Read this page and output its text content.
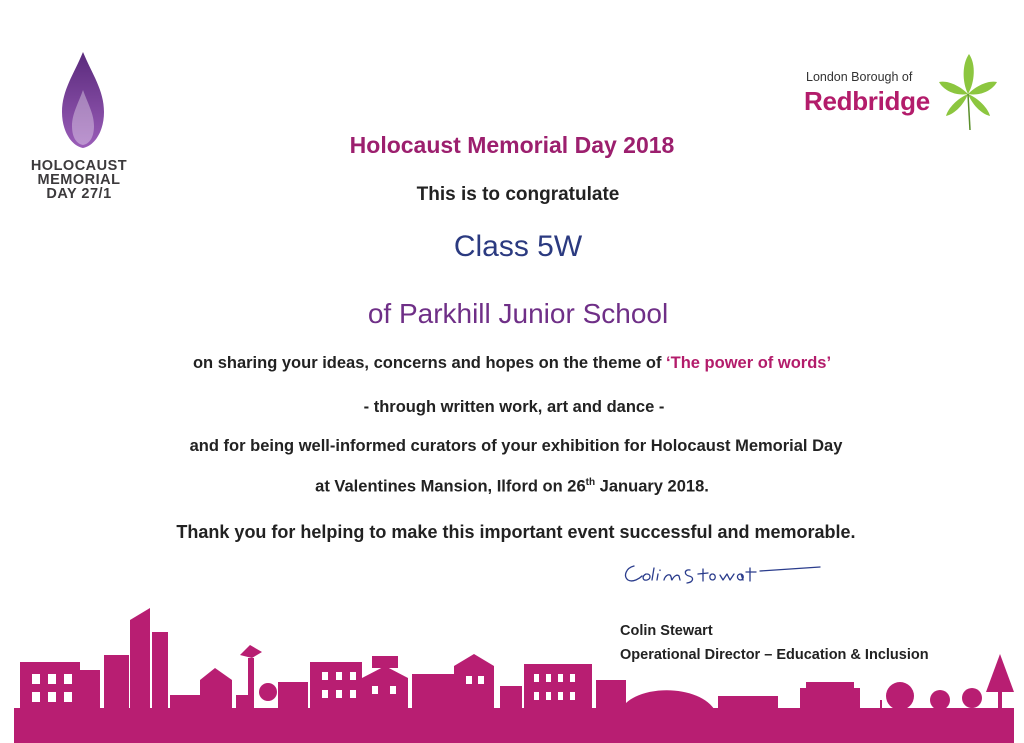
HOLOCAUST
MEMORIAL
DAY 27/1
London Borough of
Redbridge
Holocaust Memorial Day 2018
This is to congratulate
Class 5W
of Parkhill Junior School
on sharing your ideas, concerns and hopes on the theme of ‘The power of words’
- through written work, art and dance -
and for being well-informed curators of your exhibition for Holocaust Memorial Day
at Valentines Mansion, Ilford on 26th January 2018.
Thank you for helping to make this important event successful and memorable.
Colin Stewart
Operational Director – Education & Inclusion
